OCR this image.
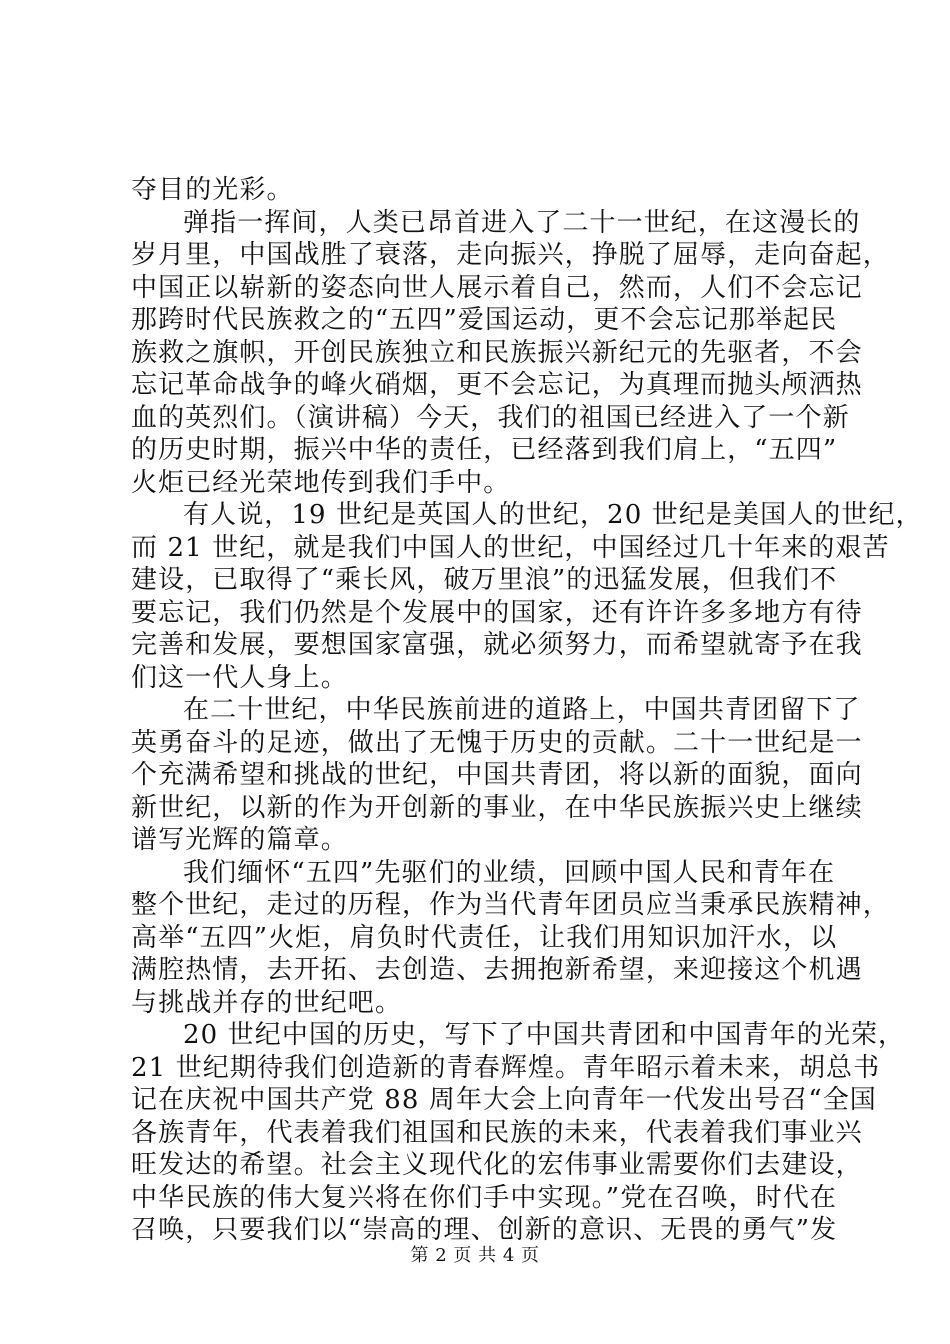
夺目的光彩。
弹指一挥间，人类已昂首进入了二十一世纪，在这漫长的
岁月里，中国战胜了衰落，走向振兴，挣脱了屈辱，走向奋起，
中国正以崭新的姿态向世人展示着自己，然而，人们不会忘记
那跨时代民族救之的“五四”爱国运动，更不会忘记那举起民
族救之旗帜，开创民族独立和民族振兴新纪元的先驱者，不会
忘记革命战争的峰火硝烟，更不会忘记，为真理而抛头颅洒热
血的英烈们。（演讲稿）今天，我们的祖国已经进入了一个新
的历史时期，振兴中华的责任，已经落到我们肩上，“五四”
火炬已经光荣地传到我们手中。
有人说，19 世纪是英国人的世纪，20 世纪是美国人的世纪，
而 21 世纪，就是我们中国人的世纪，中国经过几十年来的艰苦
建设，已取得了“乘长风，破万里浪”的迅猛发展，但我们不
要忘记，我们仍然是个发展中的国家，还有许许多多地方有待
完善和发展，要想国家富强，就必须努力，而希望就寄予在我
们这一代人身上。
在二十世纪，中华民族前进的道路上，中国共青团留下了
英勇奋斗的足迹，做出了无愧于历史的贡献。二十一世纪是一
个充满希望和挑战的世纪，中国共青团，将以新的面貌，面向
新世纪，以新的作为开创新的事业，在中华民族振兴史上继续
谱写光辉的篇章。
我们缅怀“五四”先驱们的业绩，回顾中国人民和青年在
整个世纪，走过的历程，作为当代青年团员应当秉承民族精神，
高举“五四”火炬，肩负时代责任，让我们用知识加汗水，以
满腔热情，去开拓、去创造、去拥抱新希望，来迎接这个机遇
与挑战并存的世纪吧。
20 世纪中国的历史，写下了中国共青团和中国青年的光荣，
21 世纪期待我们创造新的青春辉煌。青年昭示着未来，胡总书
记在庆祝中国共产党 88 周年大会上向青年一代发出号召“全国
各族青年，代表着我们祖国和民族的未来，代表着我们事业兴
旺发达的希望。社会主义现代化的宏伟事业需要你们去建设，
中华民族的伟大复兴将在你们手中实现。”党在召唤，时代在
召唤，只要我们以“崇高的理、创新的意识、无畏的勇气”发
第 2 页 共 4 页
